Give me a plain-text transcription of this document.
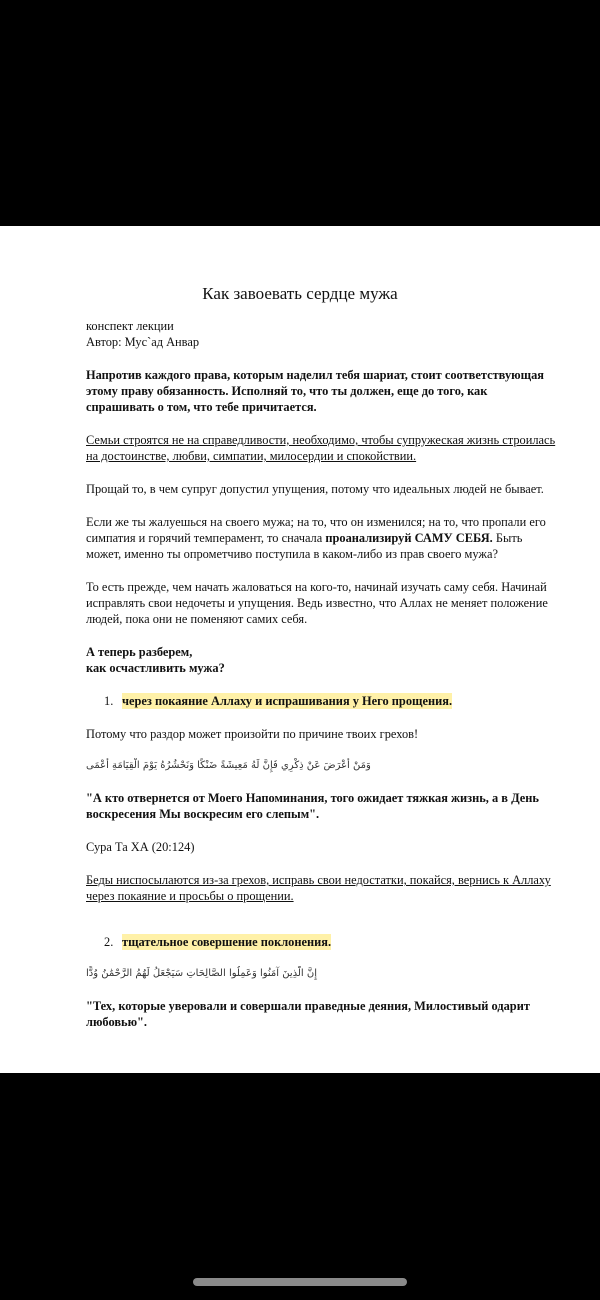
Как завоевать сердце мужа
конспект лекции
Автор: Мус`ад Анвар

Напротив каждого права, которым наделил тебя шариат, стоит соответствующая этому праву обязанность. Исполняй то, что ты должен, еще до того, как спрашивать о том, что тебе причитается.

Семьи строятся не на справедливости, необходимо, чтобы супружеская жизнь строилась на достоинстве, любви, симпатии, милосердии и спокойствии.

Прощай то, в чем супруг допустил упущения, потому что идеальных людей не бывает.

Если же ты жалуешься на своего мужа; на то, что он изменился; на то, что пропали его симпатия и горячий темперамент, то сначала проанализируй САМУ СЕБЯ. Быть может, именно ты опрометчиво поступила в каком-либо из прав своего мужа?

То есть прежде, чем начать жаловаться на кого-то, начинай изучать саму себя. Начинай исправлять свои недочеты и упущения. Ведь известно, что Аллах не меняет положение людей, пока они не поменяют самих себя.

А теперь разберем,
как осчастливить мужа?

1. через покаяние Аллаху и испрашивания у Него прощения.

Потому что раздор может произойти по причине твоих грехов!

وَمَنْ أَعْرَضَ عَنْ ذِكْرِي فَإِنَّ لَهُ مَعِيشَةً ضَنْكًا وَنَحْشُرُهُ يَوْمَ الْقِيَامَةِ أَعْمَى

"А кто отвернется от Моего Напоминания, того ожидает тяжкая жизнь, а в День воскресения Мы воскресим его слепым".

Сура Та ХА (20:124)

Беды ниспосылаются из-за грехов, исправь свои недостатки, покайся, вернись к Аллаху через покаяние и просьбы о прощении.

2. тщательное совершение поклонения.

إِنَّ الَّذِينَ آمَنُوا وَعَمِلُوا الصَّالِحَاتِ سَيَجْعَلُ لَهُمُ الرَّحْمَٰنُ وُدًّا

"Тех, которые уверовали и совершали праведные деяния, Милостивый одарит любовью".
